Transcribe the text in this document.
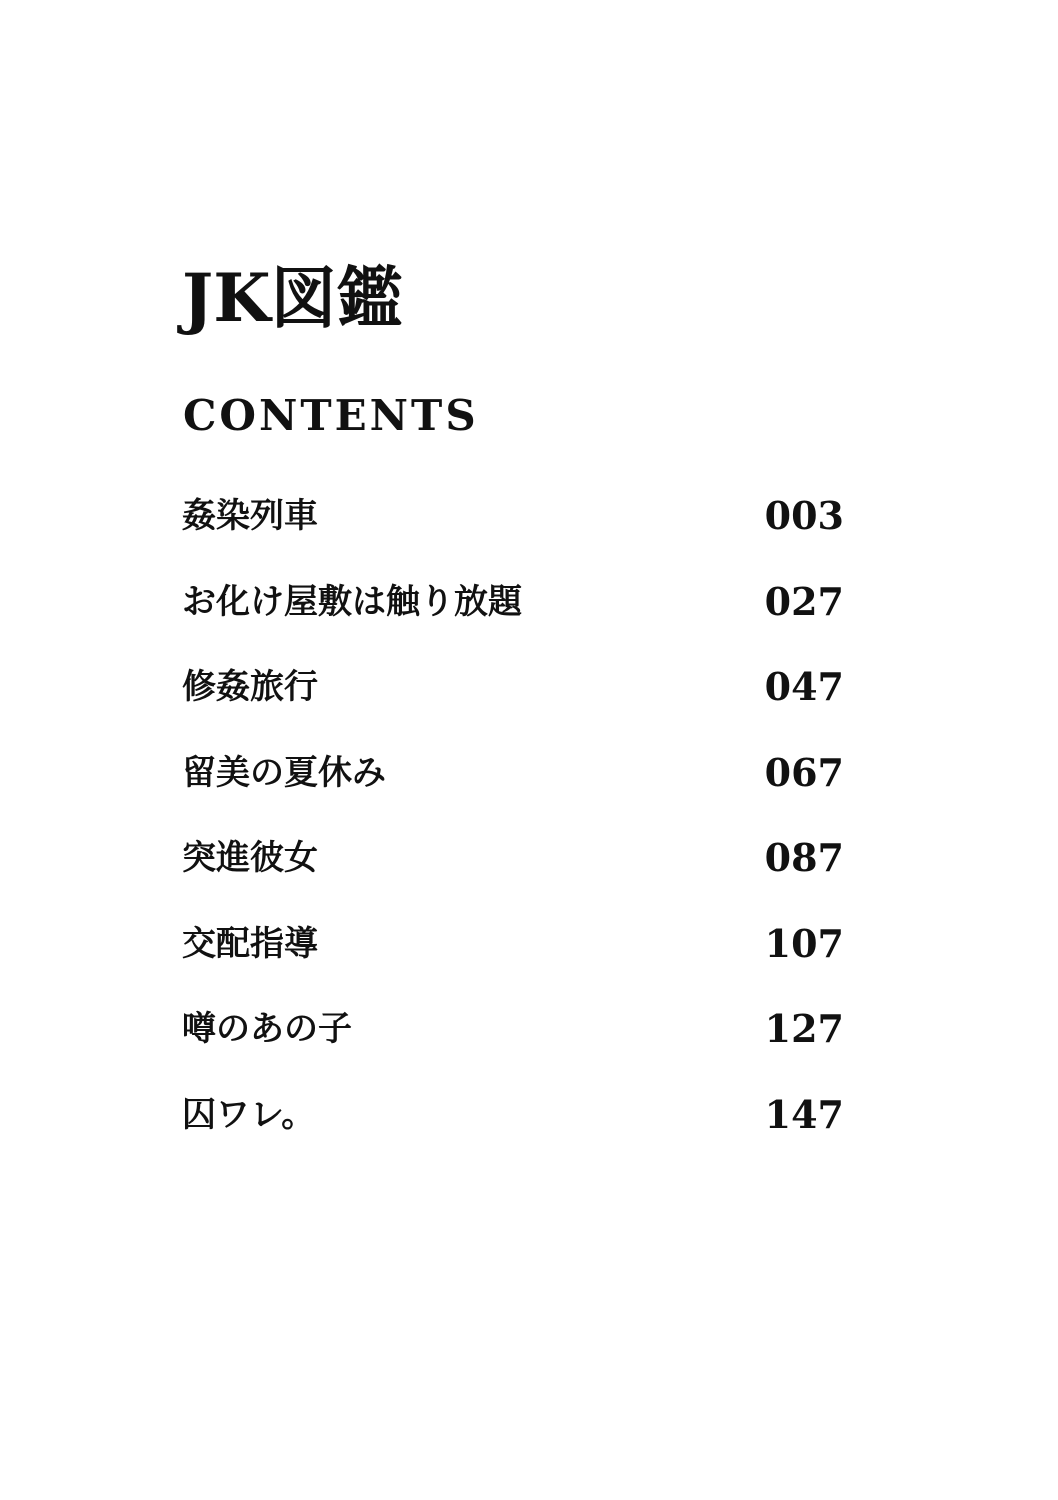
JK図鑑
CONTENTS
姦染列車	003
お化け屋敷は触り放題	027
修姦旅行	047
留美の夏休み	067
突進彼女	087
交配指導	107
噂のあの子	127
囚ワレ。	147
